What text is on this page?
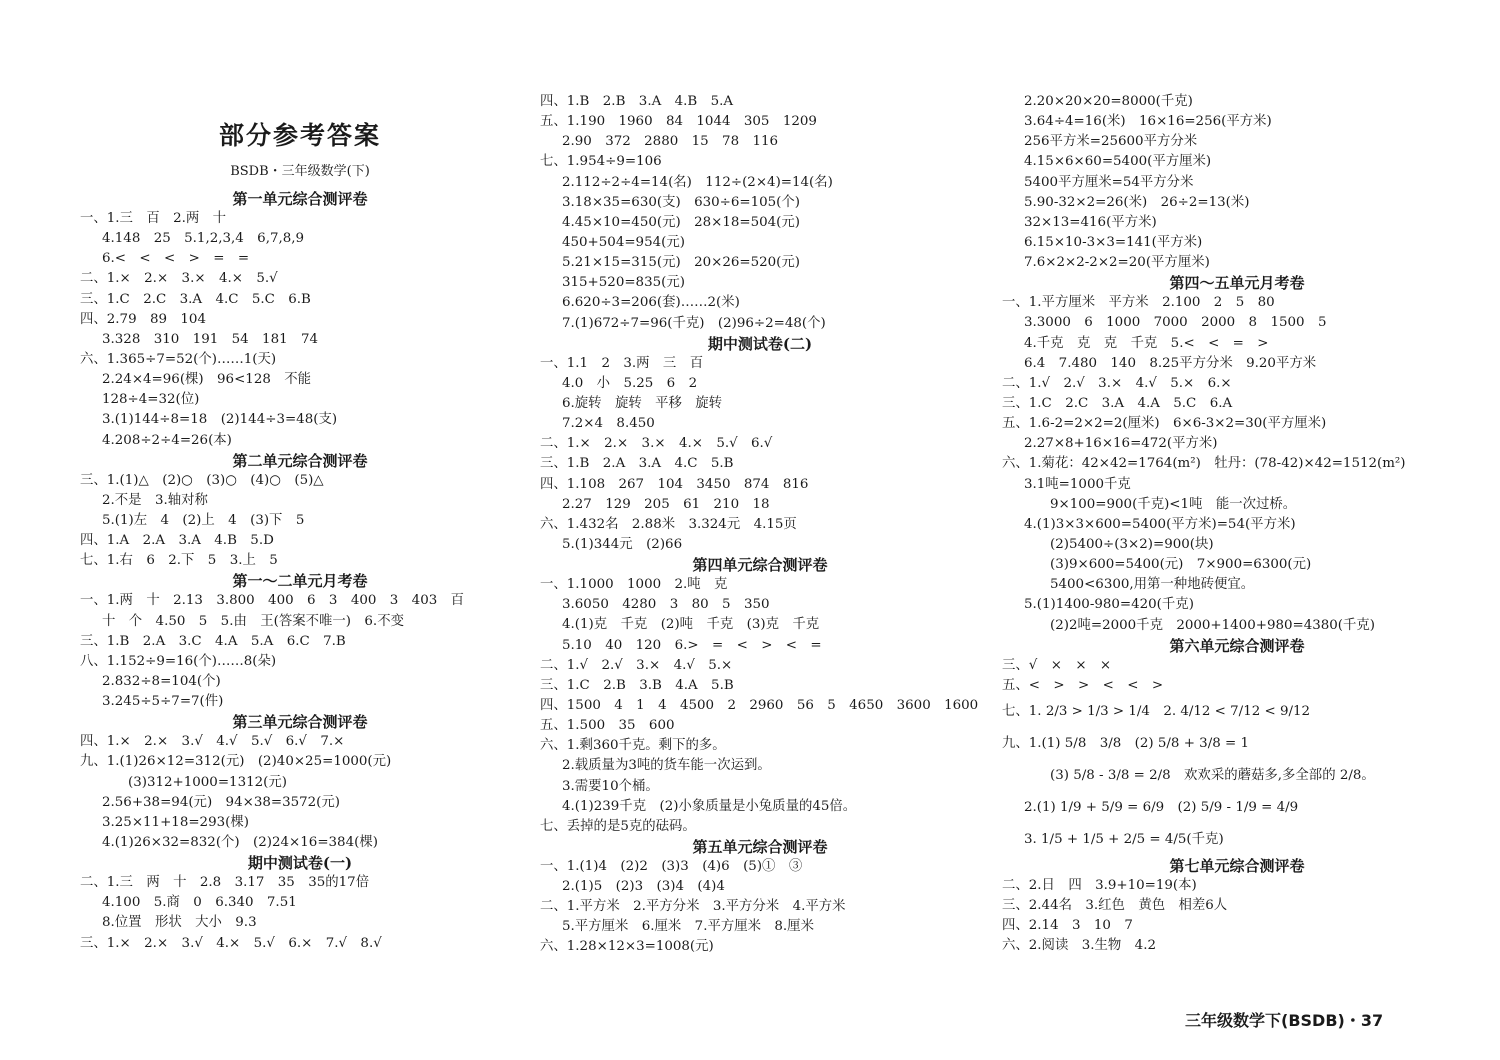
部分参考答案
BSDB・三年级数学(下)
第一单元综合测评卷
一、1.三　百　2.两　十
4.148　25　5.1,2,3,4　6,7,8,9
6.<　<　<　>　=　=
二、1.×　2.×　3.×　4.×　5.√
三、1.C　2.C　3.A　4.C　5.C　6.B
四、2.79　89　104
3.328　310　191　54　181　74
六、1.365÷7=52(个)……1(天)
2.24×4=96(棵)　96<128　不能
128÷4=32(位)
3.(1)144÷8=18　(2)144÷3=48(支)
4.208÷2÷4=26(本)
第二单元综合测评卷
三、1.(1)△　(2)○　(3)○　(4)○　(5)△
2.不是　3.轴对称
5.(1)左　4　(2)上　4　(3)下　5
四、1.A　2.A　3.A　4.B　5.D
七、1.右　6　2.下　5　3.上　5
第一～二单元月考卷
一、1.两　十　2.13　3.800　400　6　3　400　3　403　百
十　个　4.50　5　5.由　王(答案不唯一)　6.不变
三、1.B　2.A　3.C　4.A　5.A　6.C　7.B
八、1.152÷9=16(个)……8(朵)
2.832÷8=104(个)
3.245÷5÷7=7(件)
第三单元综合测评卷
四、1.×　2.×　3.√　4.√　5.√　6.√　7.×
九、1.(1)26×12=312(元)　(2)40×25=1000(元)
(3)312+1000=1312(元)
2.56+38=94(元)　94×38=3572(元)
3.25×11+18=293(棵)
4.(1)26×32=832(个)　(2)24×16=384(棵)
期中测试卷(一)
二、1.三　两　十　2.8　3.17　35　35的17倍
4.100　5.商　0　6.340　7.51
8.位置　形状　大小　9.3
三、1.×　2.×　3.√　4.×　5.√　6.×　7.√　8.√
四、1.B　2.B　3.A　4.B　5.A
五、1.190　1960　84　1044　305　1209
2.90　372　2880　15　78　116
七、1.954÷9=106
2.112÷2÷4=14(名)　112÷(2×4)=14(名)
3.18×35=630(支)　630÷6=105(个)
4.45×10=450(元)　28×18=504(元)
450+504=954(元)
5.21×15=315(元)　20×26=520(元)
315+520=835(元)
6.620÷3=206(套)……2(米)
7.(1)672÷7=96(千克)　(2)96÷2=48(个)
期中测试卷(二)
一、1.1　2　3.两　三　百
4.0　小　5.25　6　2
6.旋转　旋转　平移　旋转
7.2×4　8.450
二、1.×　2.×　3.×　4.×　5.√　6.√
三、1.B　2.A　3.A　4.C　5.B
四、1.108　267　104　3450　874　816
2.27　129　205　61　210　18
六、1.432名　2.88米　3.324元　4.15页
5.(1)344元　(2)66
第四单元综合测评卷
一、1.1000　1000　2.吨　克
3.6050　4280　3　80　5　350
4.(1)克　千克　(2)吨　千克　(3)克　千克
5.10　40　120　6.>　=　<　>　<　=
二、1.√　2.√　3.×　4.√　5.×
三、1.C　2.B　3.B　4.A　5.B
四、1500　4　1　4　4500　2　2960　56　5　4650　3600　1600
五、1.500　35　600
六、1.剩360千克。剩下的多。
2.载质量为3吨的货车能一次运到。
3.需要10个桶。
4.(1)239千克　(2)小象质量是小兔质量的45倍。
七、丢掉的是5克的砝码。
第五单元综合测评卷
一、1.(1)4　(2)2　(3)3　(4)6　(5)①　③
2.(1)5　(2)3　(3)4　(4)4
二、1.平方米　2.平方分米　3.平方分米　4.平方米
5.平方厘米　6.厘米　7.平方厘米　8.厘米
六、1.28×12×3=1008(元)
2.20×20×20=8000(千克)
3.64÷4=16(米)　16×16=256(平方米)
256平方米=25600平方分米
4.15×6×60=5400(平方厘米)
5400平方厘米=54平方分米
5.90-32×2=26(米)　26÷2=13(米)
32×13=416(平方米)
6.15×10-3×3=141(平方米)
7.6×2×2-2×2=20(平方厘米)
第四～五单元月考卷
一、1.平方厘米　平方米　2.100　2　5　80
3.3000　6　1000　7000　2000　8　1500　5
4.千克　克　克　千克　5.<　<　=　>
6.4　7.480　140　8.25平方分米　9.20平方米
二、1.√　2.√　3.×　4.√　5.×　6.×
三、1.C　2.C　3.A　4.A　5.C　6.A
五、1.6-2=2×2=2(厘米)　6×6-3×2=30(平方厘米)
2.27×8+16×16=472(平方米)
六、1.菊花：42×42=1764(m²)　牡丹：(78-42)×42=1512(m²)
3.1吨=1000千克
9×100=900(千克)<1吨　能一次过桥。
4.(1)3×3×600=5400(平方米)=54(平方米)
(2)5400÷(3×2)=900(块)
(3)9×600=5400(元)　7×900=6300(元)
5400<6300,用第一种地砖便宜。
5.(1)1400-980=420(千克)
(2)2吨=2000千克　2000+1400+980=4380(千克)
第六单元综合测评卷
三、√　×　×　×
五、<　>　>　<　<　>
七、1. 2/3 > 1/3 > 1/4　2. 4/12 < 7/12 < 9/12
九、1.(1) 5/8　3/8　(2) 5/8 + 3/8 = 1
(3) 5/8 - 3/8 = 2/8　欢欢采的蘑菇多,多全部的 2/8。
2.(1) 1/9 + 5/9 = 6/9　(2) 5/9 - 1/9 = 4/9
3. 1/5 + 1/5 + 2/5 = 4/5(千克)
第七单元综合测评卷
二、2.日　四　3.9+10=19(本)
三、2.44名　3.红色　黄色　相差6人
四、2.14　3　10　7
六、2.阅读　3.生物　4.2
三年级数学下(BSDB)・37
